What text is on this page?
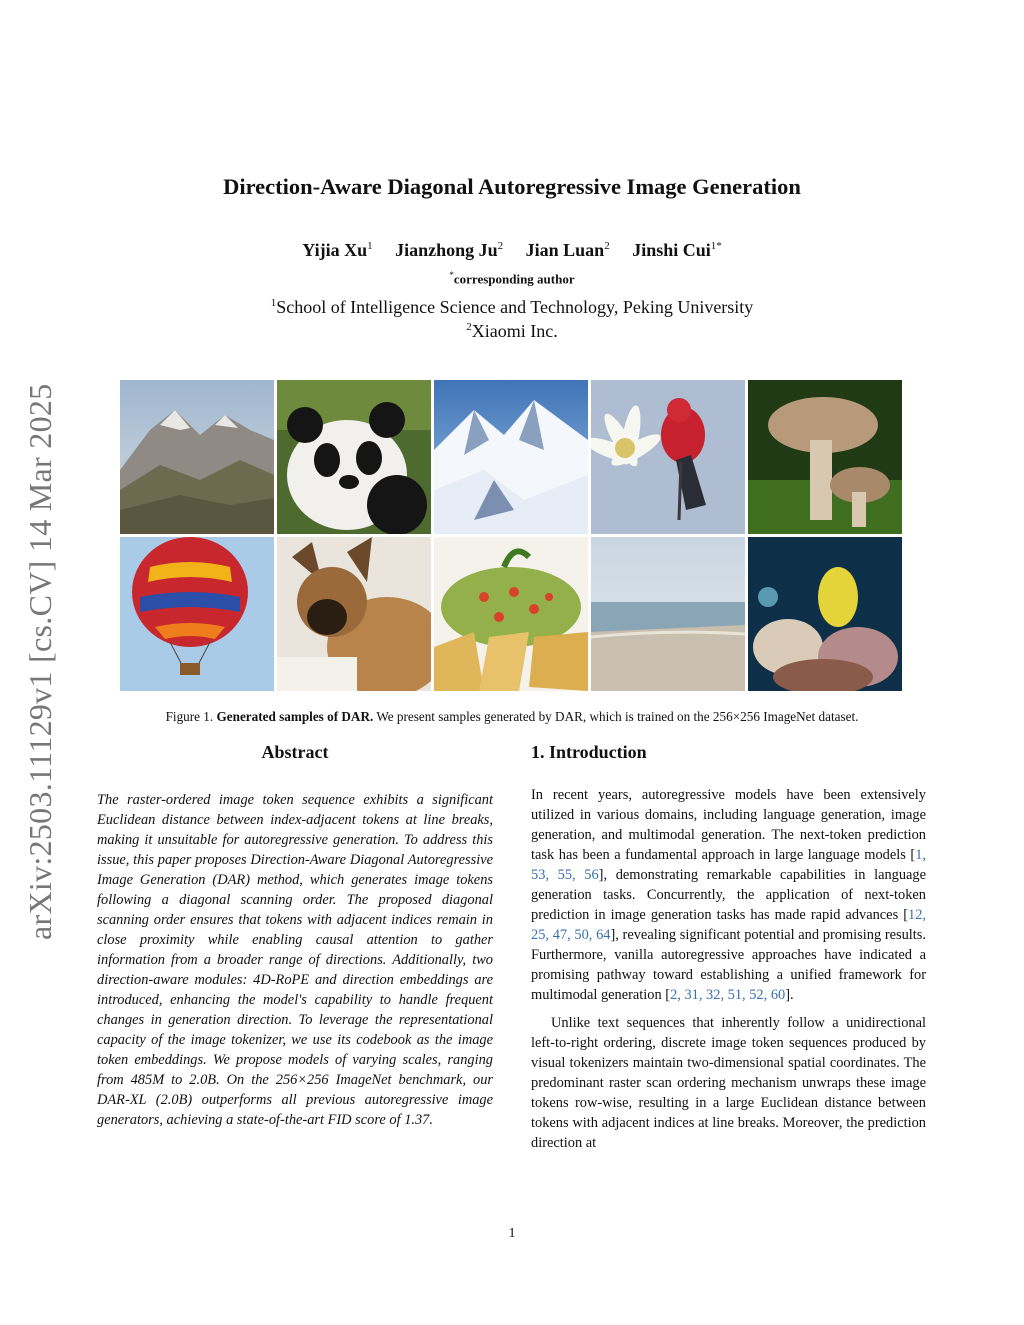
arXiv:2503.11129v1 [cs.CV] 14 Mar 2025
Direction-Aware Diagonal Autoregressive Image Generation
Yijia Xu$^1$ Jianzhong Ju$^2$ Jian Luan$^2$ Jinshi Cui$^{1*}$
*corresponding author
$^1$School of Intelligence Science and Technology, Peking University
$^2$Xiaomi Inc.
Figure 1. Generated samples of DAR. We present samples generated by DAR, which is trained on the 256×256 ImageNet dataset.
Abstract	1. Introduction
The raster-ordered image token sequence exhibits a significant Euclidean distance between index-adjacent tokens at line breaks, making it unsuitable for autoregressive generation. To address this issue, this paper proposes Direction-Aware Diagonal Autoregressive Image Generation (DAR) method, which generates image tokens following a diagonal scanning order. The proposed diagonal scanning order ensures that tokens with adjacent indices remain in close proximity while enabling causal attention to gather information from a broader range of directions. Additionally, two direction-aware modules: 4D-RoPE and direction embeddings are introduced, enhancing the model's capability to handle frequent changes in generation direction. To leverage the representational capacity of the image tokenizer, we use its codebook as the image token embeddings. We propose models of varying scales, ranging from 485M to 2.0B. On the 256×256 ImageNet benchmark, our DAR-XL (2.0B) outperforms all previous autoregressive image generators, achieving a state-of-the-art FID score of 1.37.

In recent years, autoregressive models have been extensively utilized in various domains, including language generation, image generation, and multimodal generation. The next-token prediction task has been a fundamental approach in large language models [1, 53, 55, 56], demonstrating remarkable capabilities in language generation tasks. Concurrently, the application of next-token prediction in image generation tasks has made rapid advances [12, 25, 47, 50, 64], revealing significant potential and promising results. Furthermore, vanilla autoregressive approaches have indicated a promising pathway toward establishing a unified framework for multimodal generation [2, 31, 32, 51, 52, 60].

Unlike text sequences that inherently follow a unidirectional left-to-right ordering, discrete image token sequences produced by visual tokenizers maintain two-dimensional spatial coordinates. The predominant raster scan ordering mechanism unwraps these image tokens row-wise, resulting in a large Euclidean distance between tokens with adjacent indices at line breaks. Moreover, the prediction direction at

1
